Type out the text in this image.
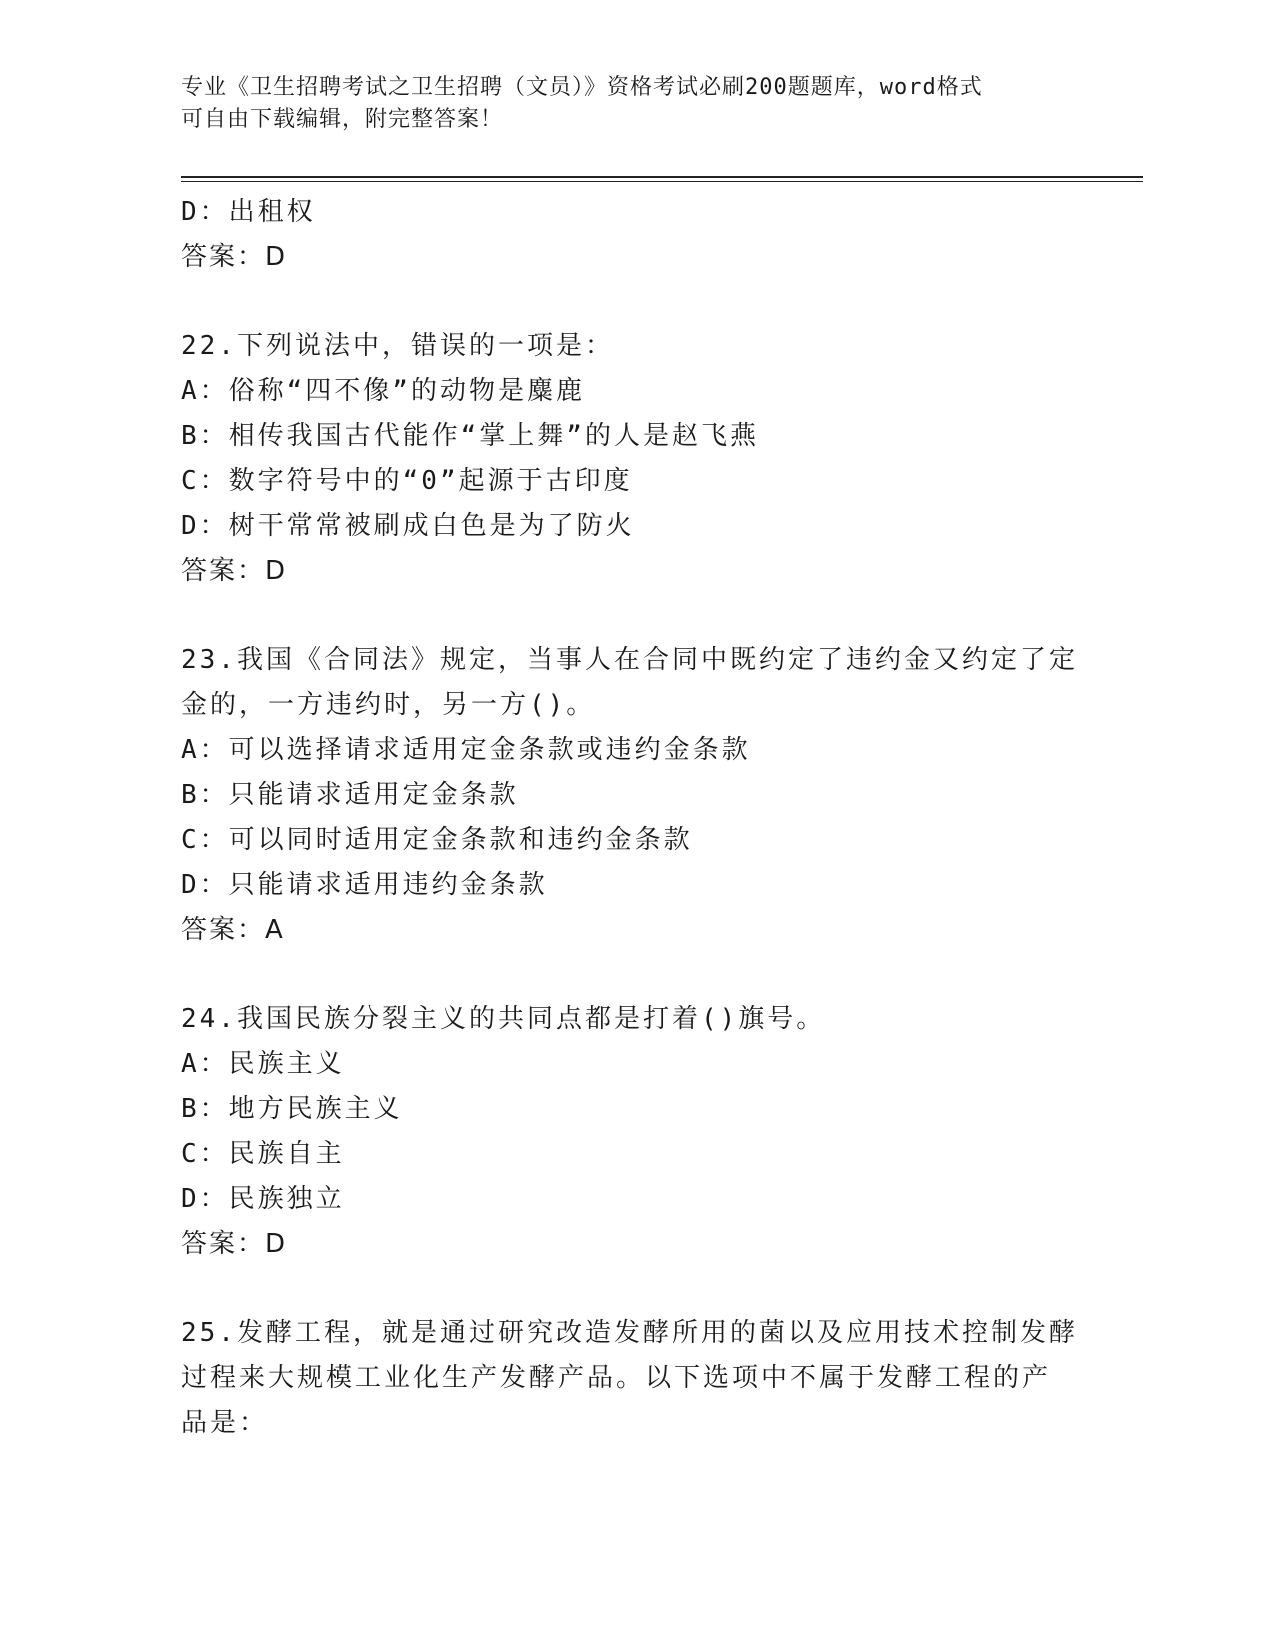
专业《卫生招聘考试之卫生招聘（文员）》资格考试必刷200题题库，word格式
可自由下载编辑，附完整答案！
D：出租权
答案：D
22.下列说法中，错误的一项是：
A：俗称“四不像”的动物是麋鹿
B：相传我国古代能作“掌上舞”的人是赵飞燕
C：数字符号中的“0”起源于古印度
D：树干常常被刷成白色是为了防火
答案：D
23.我国《合同法》规定，当事人在合同中既约定了违约金又约定了定
金的，一方违约时，另一方()。
A：可以选择请求适用定金条款或违约金条款
B：只能请求适用定金条款
C：可以同时适用定金条款和违约金条款
D：只能请求适用违约金条款
答案：A
24.我国民族分裂主义的共同点都是打着()旗号。
A：民族主义
B：地方民族主义
C：民族自主
D：民族独立
答案：D
25.发酵工程，就是通过研究改造发酵所用的菌以及应用技术控制发酵
过程来大规模工业化生产发酵产品。以下选项中不属于发酵工程的产
品是：
